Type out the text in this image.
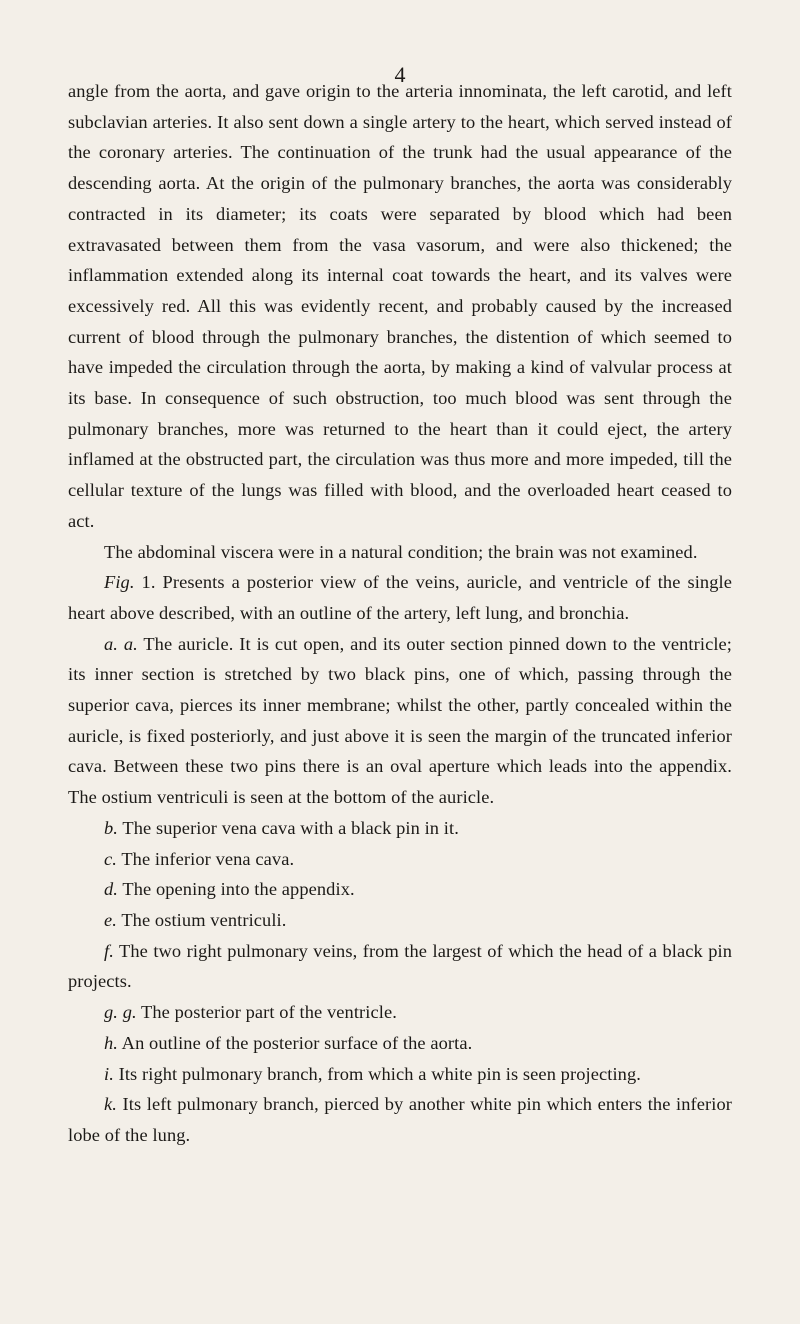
4

angle from the aorta, and gave origin to the arteria innominata, the left carotid, and left subclavian arteries. It also sent down a single artery to the heart, which served instead of the coronary arteries. The continuation of the trunk had the usual appearance of the descending aorta. At the origin of the pulmonary branches, the aorta was considerably contracted in its diameter; its coats were separated by blood which had been extravasated between them from the vasa vasorum, and were also thickened; the inflammation extended along its internal coat towards the heart, and its valves were excessively red. All this was evidently recent, and probably caused by the increased current of blood through the pulmonary branches, the distention of which seemed to have impeded the circulation through the aorta, by making a kind of valvular process at its base. In consequence of such obstruction, too much blood was sent through the pulmonary branches, more was returned to the heart than it could eject, the artery inflamed at the obstructed part, the circulation was thus more and more impeded, till the cellular texture of the lungs was filled with blood, and the overloaded heart ceased to act.

The abdominal viscera were in a natural condition; the brain was not examined.

Fig. 1. Presents a posterior view of the veins, auricle, and ventricle of the single heart above described, with an outline of the artery, left lung, and bronchia.

a. a. The auricle. It is cut open, and its outer section pinned down to the ventricle; its inner section is stretched by two black pins, one of which, passing through the superior cava, pierces its inner membrane; whilst the other, partly concealed within the auricle, is fixed posteriorly, and just above it is seen the margin of the truncated inferior cava. Between these two pins there is an oval aperture which leads into the appendix. The ostium ventriculi is seen at the bottom of the auricle.

b. The superior vena cava with a black pin in it.

c. The inferior vena cava.

d. The opening into the appendix.

e. The ostium ventriculi.

f. The two right pulmonary veins, from the largest of which the head of a black pin projects.

g. g. The posterior part of the ventricle.

h. An outline of the posterior surface of the aorta.

i. Its right pulmonary branch, from which a white pin is seen projecting.

k. Its left pulmonary branch, pierced by another white pin which enters the inferior lobe of the lung.
